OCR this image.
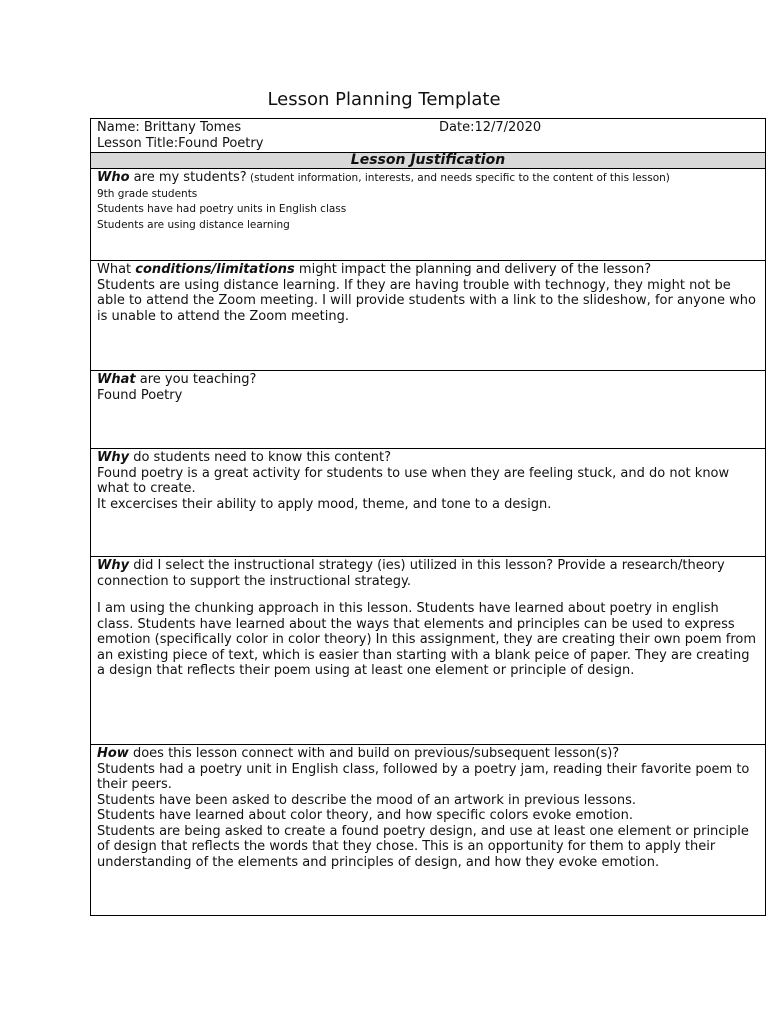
Lesson Planning Template
Name: Brittany Tomes	Date:12/7/2020
Lesson Title:Found Poetry
Lesson Justification
Who are my students? (student information, interests, and needs specific to the content of this lesson)
9th grade students
Students have had poetry units in English class
Students are using distance learning
What conditions/limitations might impact the planning and delivery of the lesson?
Students are using distance learning. If they are having trouble with technogy, they might not be able to attend the Zoom meeting. I will provide students with a link to the slideshow, for anyone who is unable to attend the Zoom meeting.
What are you teaching?
Found Poetry
Why do students need to know this content?
Found poetry is a great activity for students to use when they are feeling stuck, and do not know what to create.
It excercises their ability to apply mood, theme, and tone to a design.
Why did I select the instructional strategy (ies) utilized in this lesson? Provide a research/theory connection to support the instructional strategy.
I am using the chunking approach in this lesson. Students have learned about poetry in english class. Students have learned about the ways that elements and principles can be used to express emotion (specifically color in color theory) In this assignment, they are creating their own poem from an existing piece of text, which is easier than starting with a blank peice of paper. They are creating a design that reflects their poem using at least one element or principle of design.
How does this lesson connect with and build on previous/subsequent lesson(s)?
Students had a poetry unit in English class, followed by a poetry jam, reading their favorite poem to their peers.
Students have been asked to describe the mood of an artwork in previous lessons.
Students have learned about color theory, and how specific colors evoke emotion.
Students are being asked to create a found poetry design, and use at least one element or principle of design that reflects the words that they chose. This is an opportunity for them to apply their understanding of the elements and principles of design, and how they evoke emotion.
